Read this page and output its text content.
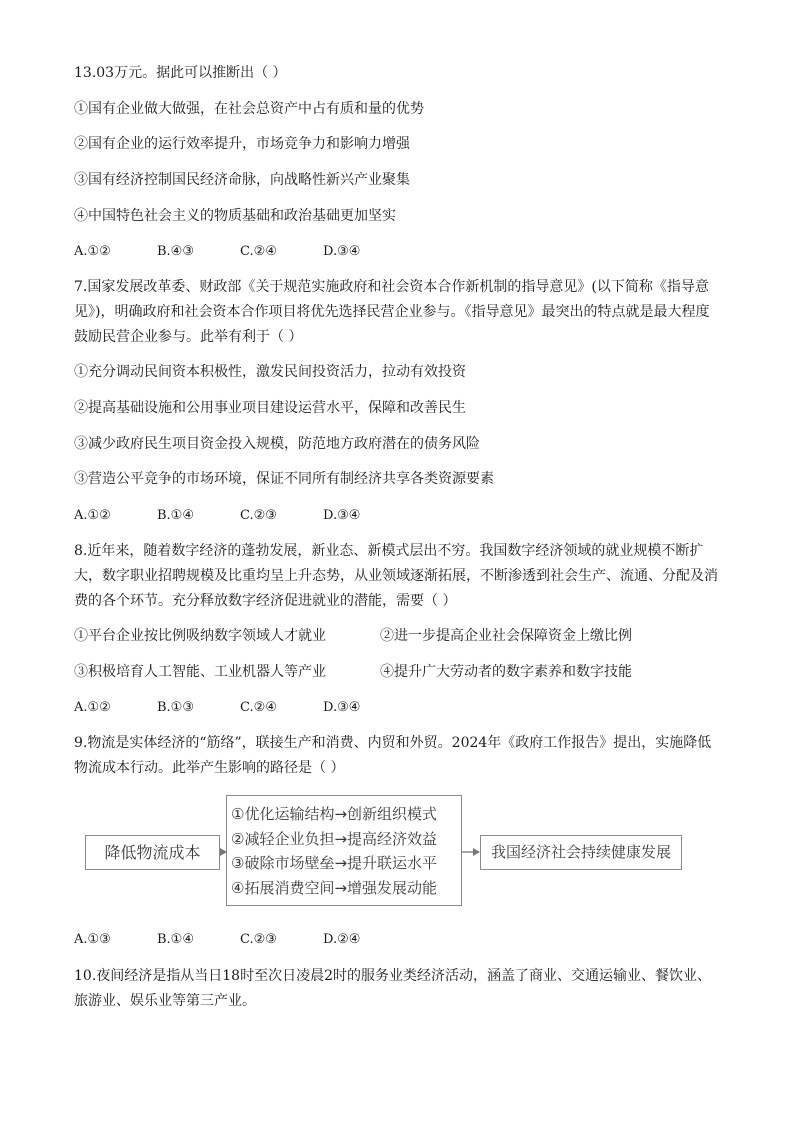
13.03万元。据此可以推断出（ ）
①国有企业做大做强，在社会总资产中占有质和量的优势
②国有企业的运行效率提升，市场竞争力和影响力增强
③国有经济控制国民经济命脉，向战略性新兴产业聚集
④中国特色社会主义的物质基础和政治基础更加坚实
A.①②	B.④③	C.②④	D.③④
7.国家发展改革委、财政部《关于规范实施政府和社会资本合作新机制的指导意见》(以下简称《指导意
见》)，明确政府和社会资本合作项目将优先选择民营企业参与。《指导意见》最突出的特点就是最大程度
鼓励民营企业参与。此举有利于（ ）
①充分调动民间资本积极性，激发民间投资活力，拉动有效投资
②提高基础设施和公用事业项目建设运营水平，保障和改善民生
③减少政府民生项目资金投入规模，防范地方政府潜在的债务风险
③营造公平竞争的市场环境，保证不同所有制经济共享各类资源要素
A.①②	B.①④	C.②③	D.③④
8.近年来，随着数字经济的蓬勃发展，新业态、新模式层出不穷。我国数字经济领域的就业规模不断扩
大，数字职业招聘规模及比重均呈上升态势，从业领域逐渐拓展，不断渗透到社会生产、流通、分配及消
费的各个环节。充分释放数字经济促进就业的潜能，需要（ ）
①平台企业按比例吸纳数字领域人才就业	②进一步提高企业社会保障资金上缴比例
③积极培育人工智能、工业机器人等产业	④提升广大劳动者的数字素养和数字技能
A.①②	B.①③	C.②④	D.③④
9.物流是实体经济的“筋络”，联接生产和消费、内贸和外贸。2024年《政府工作报告》提出，实施降低
物流成本行动。此举产生影响的路径是（ ）
降低物流成本
①优化运输结构→创新组织模式
②减轻企业负担→提高经济效益
③破除市场壁垒→提升联运水平
④拓展消费空间→增强发展动能
我国经济社会持续健康发展
A.①③	B.①④	C.②③	D.②④
10.夜间经济是指从当日18时至次日凌晨2时的服务业类经济活动，涵盖了商业、交通运输业、餐饮业、
旅游业、娱乐业等第三产业。
